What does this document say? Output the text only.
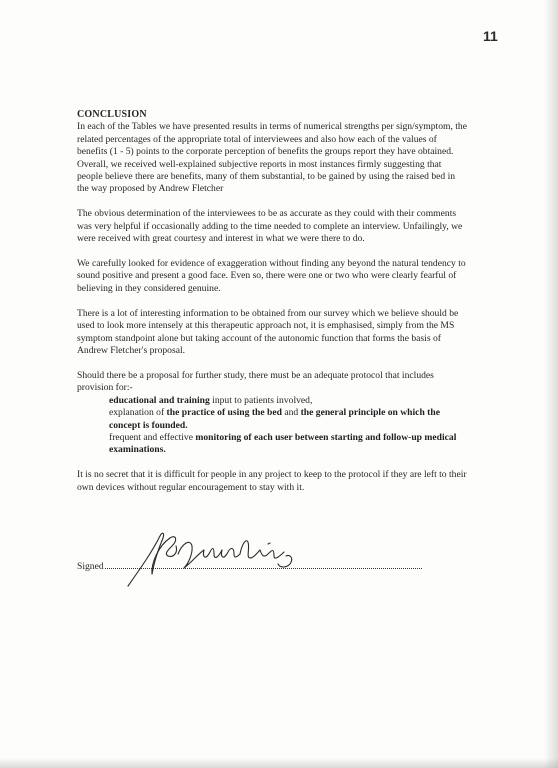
11

CONCLUSION

In each of the Tables we have presented results in terms of numerical strengths per sign/symptom, the related percentages of the appropriate total of interviewees and also how each of the values of benefits (1 - 5) points to the corporate perception of benefits the groups report they have obtained. Overall, we received well-explained subjective reports in most instances firmly suggesting that people believe there are benefits, many of them substantial, to be gained by using the raised bed in the way proposed by Andrew Fletcher

The obvious determination of the interviewees to be as accurate as they could with their comments was very helpful if occasionally adding to the time needed to complete an interview. Unfailingly, we were received with great courtesy and interest in what we were there to do.

We carefully looked for evidence of exaggeration without finding any beyond the natural tendency to sound positive and present a good face. Even so, there were one or two who were clearly fearful of believing in they considered genuine.

There is a lot of interesting information to be obtained from our survey which we believe should be used to look more intensely at this therapeutic approach not, it is emphasised, simply from the MS symptom standpoint alone but taking account of the autonomic function that forms the basis of Andrew Fletcher's proposal.

Should there be a proposal for further study, there must be an adequate protocol that includes provision for:-

educational and training input to patients involved,
explanation of the practice of using the bed and the general principle on which the concept is founded.
frequent and effective monitoring of each user between starting and follow-up medical examinations.

It is no secret that it is difficult for people in any project to keep to the protocol if they are left to their own devices without regular encouragement to stay with it.

Signed
